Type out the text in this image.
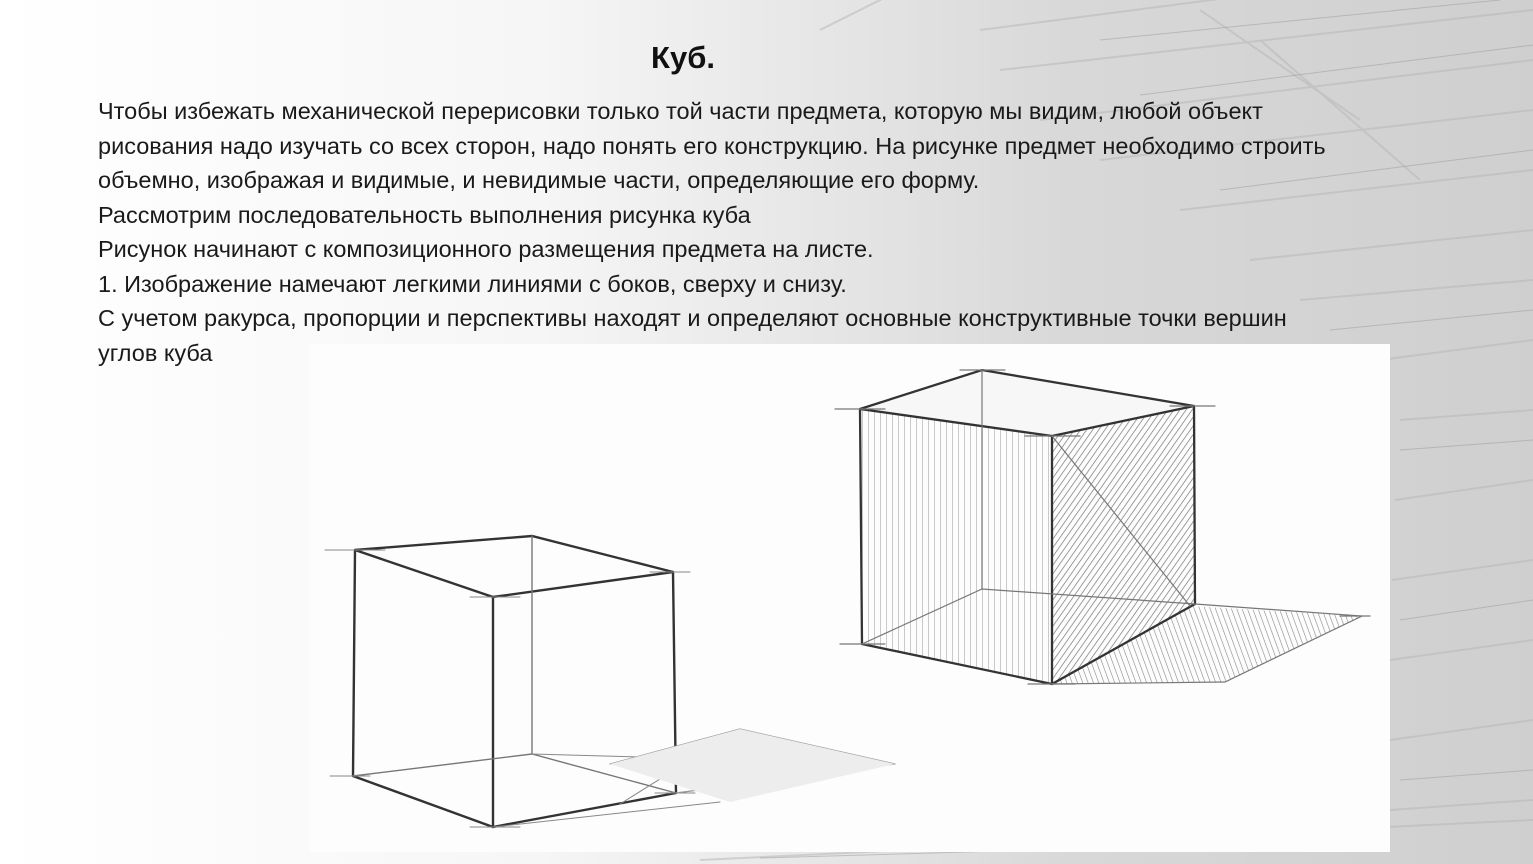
Куб.

Чтобы избежать механической перерисовки только той части предмета, которую мы видим, любой объект

рисования надо изучать со всех сторон, надо понять его конструкцию. На рисунке предмет необходимо строить

объемно, изображая и видимые, и невидимые части, определяющие его форму.

Рассмотрим последовательность выполнения рисунка куба

Рисунок начинают с композиционного размещения предмета на листе.

1. Изображение намечают легкими линиями с боков, сверху и снизу.

С учетом ракурса, пропорции и перспективы находят и определяют основные конструктивные точки вершин

углов куба
